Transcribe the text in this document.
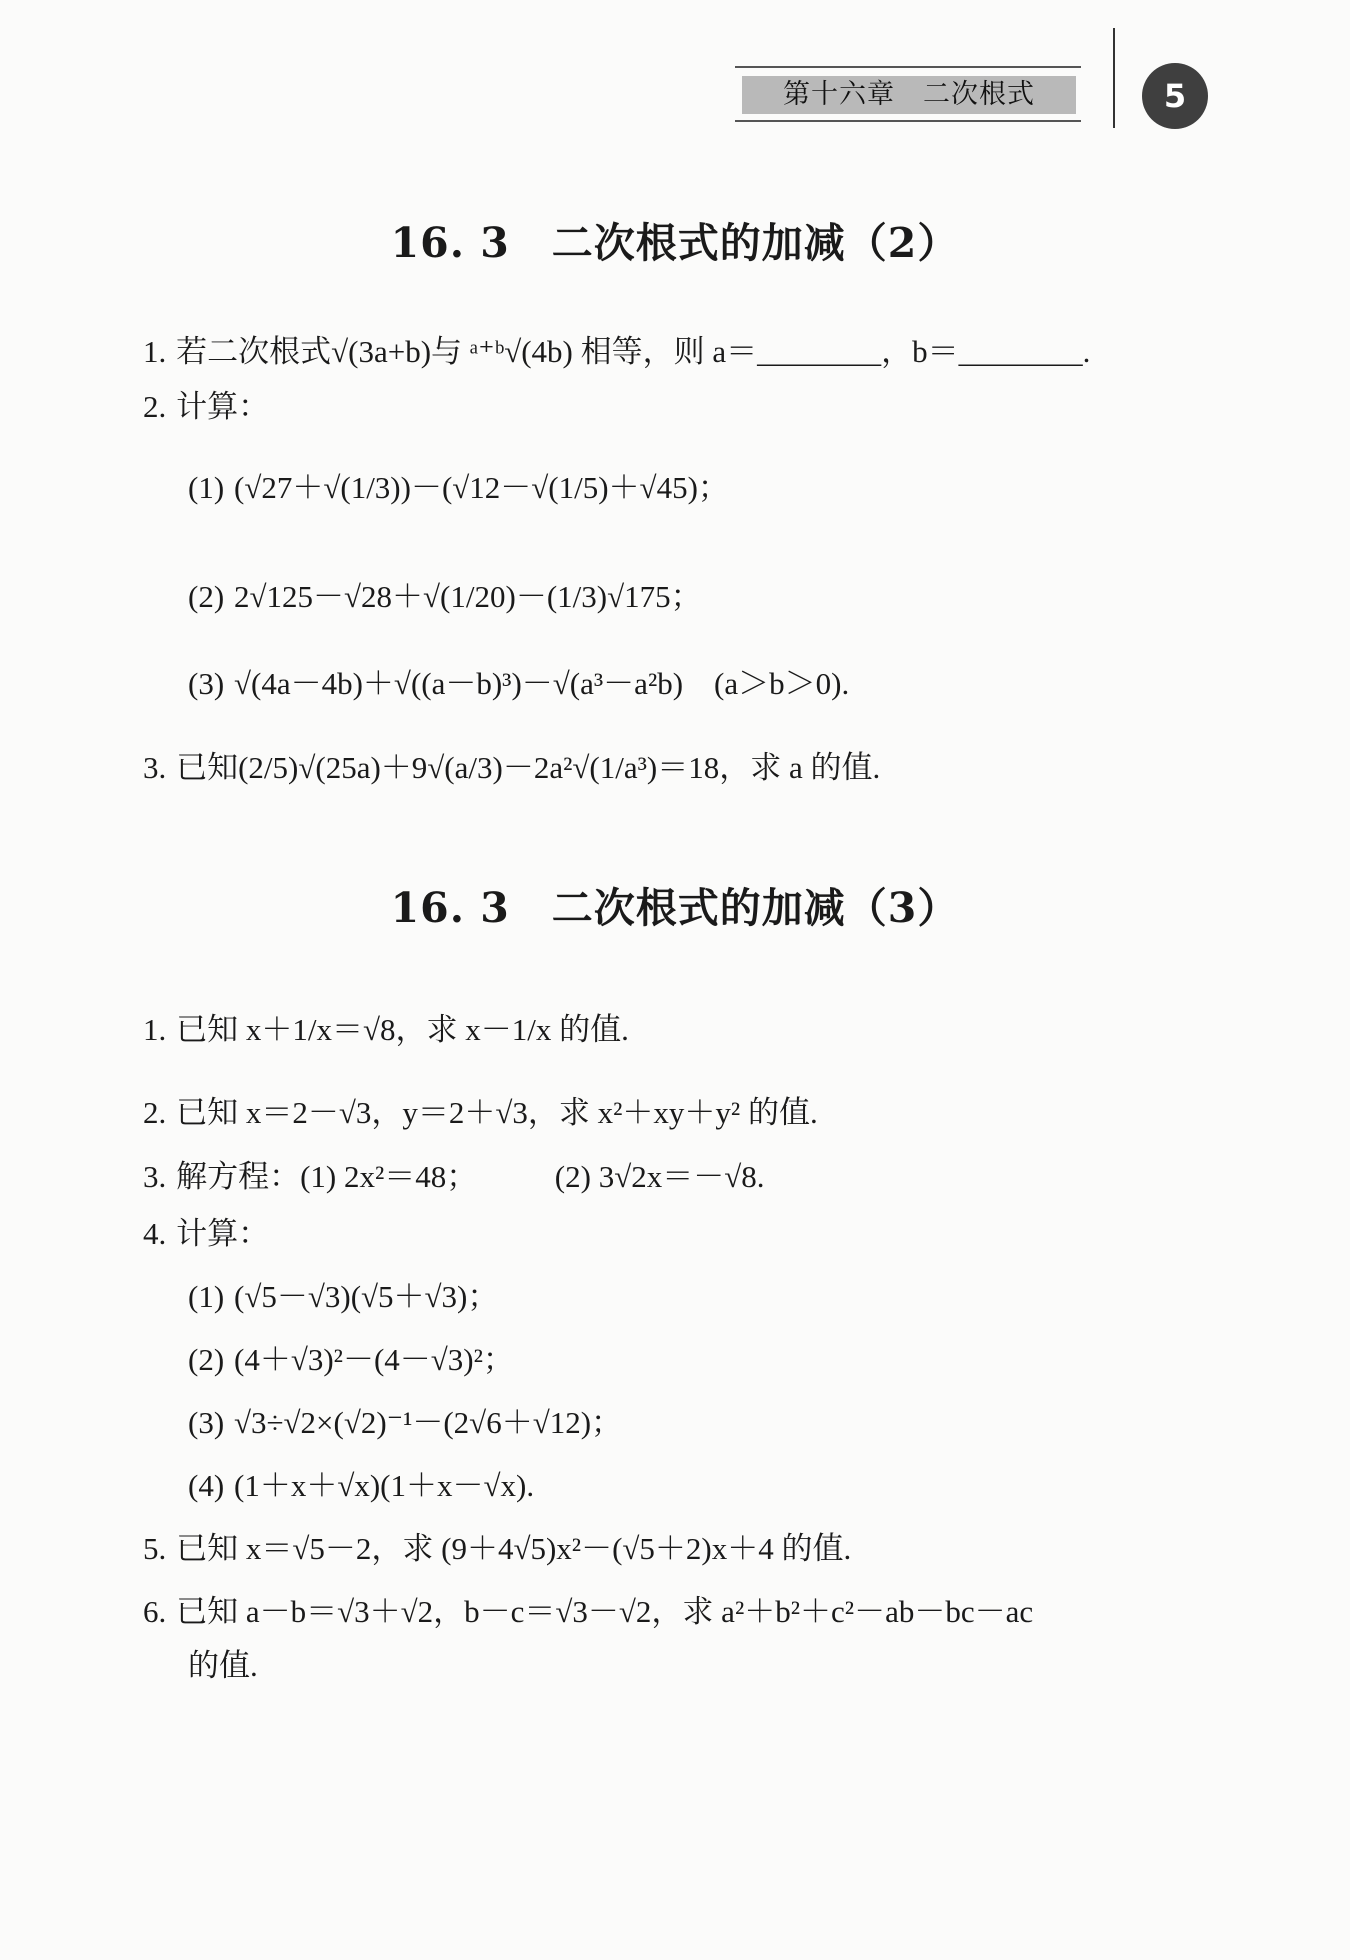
第十六章　二次根式	5
16. 3　二次根式的加减（2）
1. 若二次根式√(3a+b)与 ᵃ⁺ᵇ√(4b) 相等，则 a＝________，b＝________.
2. 计算：
(1) (√27＋√(1/3))－(√12－√(1/5)＋√45)；
(2) 2√125－√28＋√(1/20)－(1/3)√175；
(3) √(4a－4b)＋√((a－b)³)－√(a³－a²b)　(a＞b＞0).
3. 已知(2/5)√(25a)＋9√(a/3)－2a²√(1/a³)＝18，求 a 的值.
16. 3　二次根式的加减（3）
1. 已知 x＋1/x＝√8，求 x－1/x 的值.
2. 已知 x＝2－√3，y＝2＋√3，求 x²＋xy＋y² 的值.
3. 解方程：(1) 2x²＝48；　　　(2) 3√2x＝－√8.
4. 计算：
(1) (√5－√3)(√5＋√3)；
(2) (4＋√3)²－(4－√3)²；
(3) √3÷√2×(√2)⁻¹－(2√6＋√12)；
(4) (1＋x＋√x)(1＋x－√x).
5. 已知 x＝√5－2，求 (9＋4√5)x²－(√5＋2)x＋4 的值.
6. 已知 a－b＝√3＋√2，b－c＝√3－√2，求 a²＋b²＋c²－ab－bc－ac
的值.
